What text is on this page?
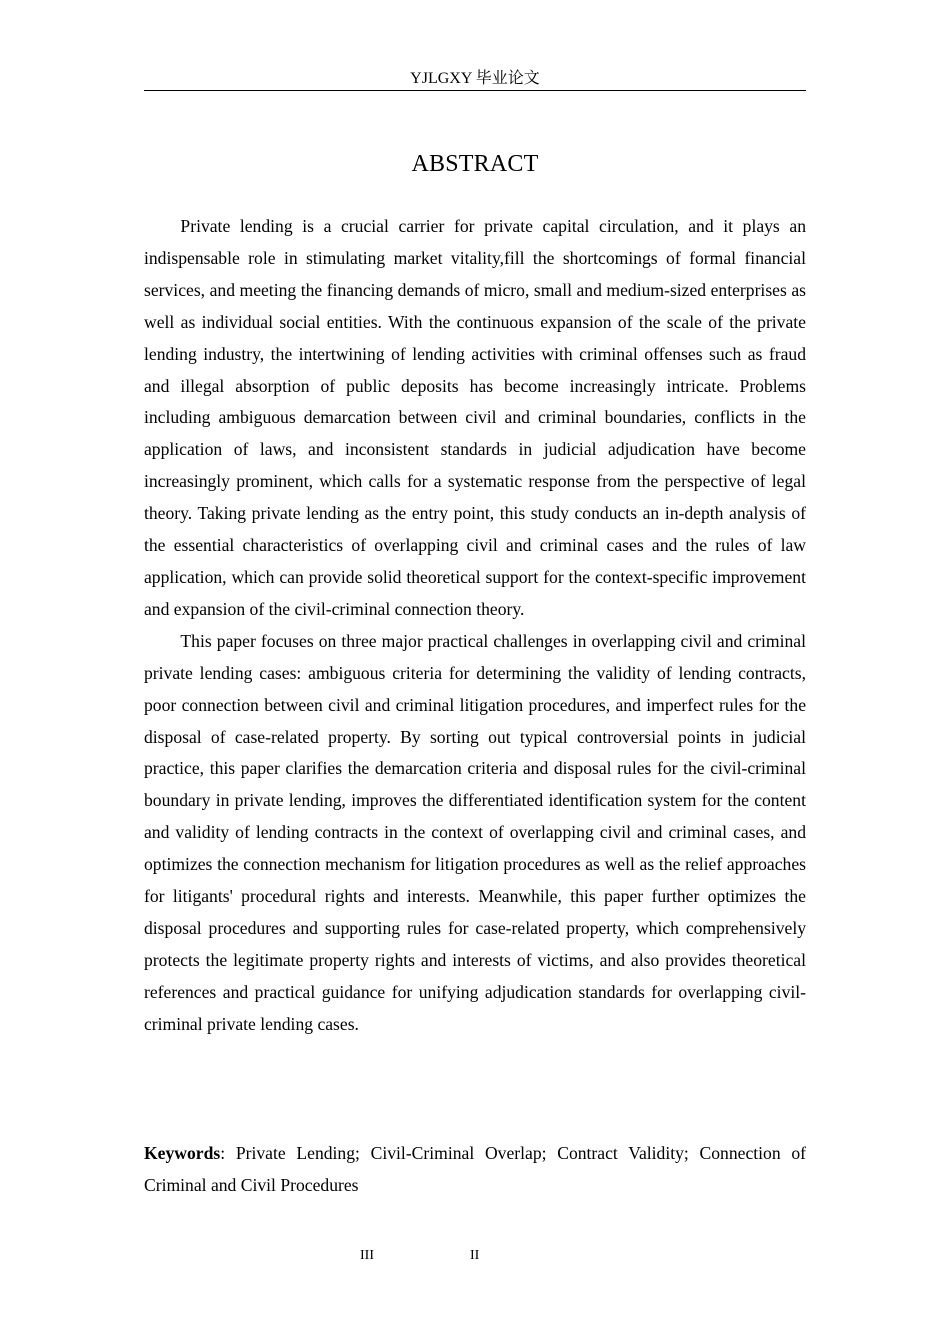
YJLGXY 毕业论文
ABSTRACT

Private lending is a crucial carrier for private capital circulation, and it plays an indispensable role in stimulating market vitality,fill the shortcomings of formal financial services, and meeting the financing demands of micro, small and medium-sized enterprises as well as individual social entities. With the continuous expansion of the scale of the private lending industry, the intertwining of lending activities with criminal offenses such as fraud and illegal absorption of public deposits has become increasingly intricate. Problems including ambiguous demarcation between civil and criminal boundaries, conflicts in the application of laws, and inconsistent standards in judicial adjudication have become increasingly prominent, which calls for a systematic response from the perspective of legal theory. Taking private lending as the entry point, this study conducts an in-depth analysis of the essential characteristics of overlapping civil and criminal cases and the rules of law application, which can provide solid theoretical support for the context-specific improvement and expansion of the civil-criminal connection theory.

This paper focuses on three major practical challenges in overlapping civil and criminal private lending cases: ambiguous criteria for determining the validity of lending contracts, poor connection between civil and criminal litigation procedures, and imperfect rules for the disposal of case-related property. By sorting out typical controversial points in judicial practice, this paper clarifies the demarcation criteria and disposal rules for the civil-criminal boundary in private lending, improves the differentiated identification system for the content and validity of lending contracts in the context of overlapping civil and criminal cases, and optimizes the connection mechanism for litigation procedures as well as the relief approaches for litigants' procedural rights and interests. Meanwhile, this paper further optimizes the disposal procedures and supporting rules for case-related property, which comprehensively protects the legitimate property rights and interests of victims, and also provides theoretical references and practical guidance for unifying adjudication standards for overlapping civil-criminal private lending cases.

Keywords: Private Lending; Civil-Criminal Overlap; Contract Validity; Connection of Criminal and Civil Procedures

III	II
